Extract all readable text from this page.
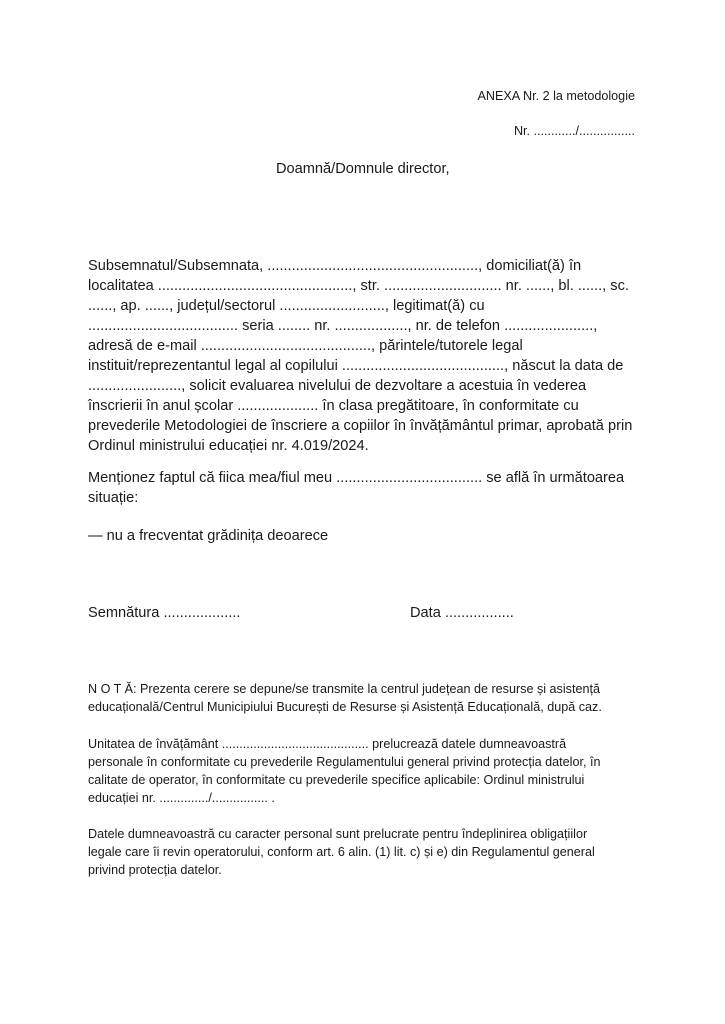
ANEXA Nr. 2 la metodologie
Nr. ............/................
Doamnă/Domnule director,
Subsemnatul/Subsemnata, ...................................................., domiciliat(ă) în
localitatea ................................................, str. ............................. nr. ......, bl. ......, sc.
......, ap. ......, județul/sectorul .........................., legitimat(ă) cu
..................................... seria ........ nr. .................., nr. de telefon ......................,
adresă de e-mail .........................................., părintele/tutorele legal
instituit/reprezentantul legal al copilului ........................................, născut la data de
......................., solicit evaluarea nivelului de dezvoltare a acestuia în vederea
înscrierii în anul școlar .................... în clasa pregătitoare, în conformitate cu
prevederile Metodologiei de înscriere a copiilor în învățământul primar, aprobată prin
Ordinul ministrului educației nr. 4.019/2024.
Menționez faptul că fiica mea/fiul meu .................................... se află în următoarea
situație:
— nu a frecventat grădinița deoarece
Semnătura ...................	Data .................
N O T Ă: Prezenta cerere se depune/se transmite la centrul județean de resurse și asistență
educațională/Centrul Municipiului București de Resurse și Asistență Educațională, după caz.
Unitatea de învățământ .......................................... prelucrează datele dumneavoastră
personale în conformitate cu prevederile Regulamentului general privind protecția datelor, în
calitate de operator, în conformitate cu prevederile specifice aplicabile: Ordinul ministrului
educației nr. ............../................ .
Datele dumneavoastră cu caracter personal sunt prelucrate pentru îndeplinirea obligațiilor
legale care îi revin operatorului, conform art. 6 alin. (1) lit. c) și e) din Regulamentul general
privind protecția datelor.
